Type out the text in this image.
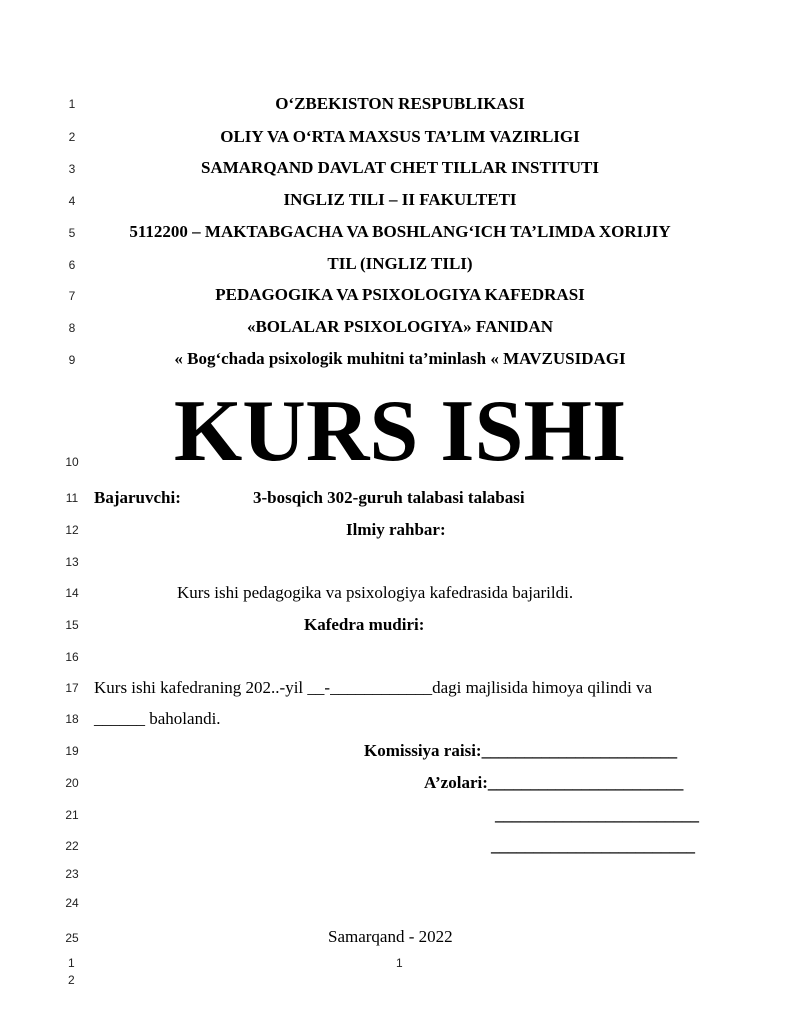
1
2
3
4
5
6
7
8
9
10
11
12
13
14
15
16
17
18
19
20
21
22
23
24
25
O‘ZBEKISTON RESPUBLIKASI
OLIY VA O‘RTA MAXSUS TA’LIM VAZIRLIGI
SAMARQAND DAVLAT CHET TILLAR INSTITUTI
INGLIZ TILI – II FAKULTETI
5112200 – MAKTABGACHA VA BOSHLANG‘ICH TA’LIMDA XORIJIY
TIL (INGLIZ TILI)
PEDAGOGIKA VA PSIXOLOGIYA KAFEDRASI
«BOLALAR PSIXOLOGIYA» FANIDAN
« Bog‘chada psixologik muhitni ta’minlash « MAVZUSIDAGI
KURS ISHI
Bajaruvchi:	3-bosqich 302-guruh talabasi talabasi
Ilmiy rahbar:
Kurs ishi pedagogika va psixologiya kafedrasida bajarildi.
Kafedra mudiri:
Kurs ishi kafedraning 202..-yil __-____________dagi majlisida himoya qilindi va
______ baholandi.
Komissiya raisi:_______________________
A’zolari:_______________________
________________________
________________________
Samarqand - 2022
1
1
2
